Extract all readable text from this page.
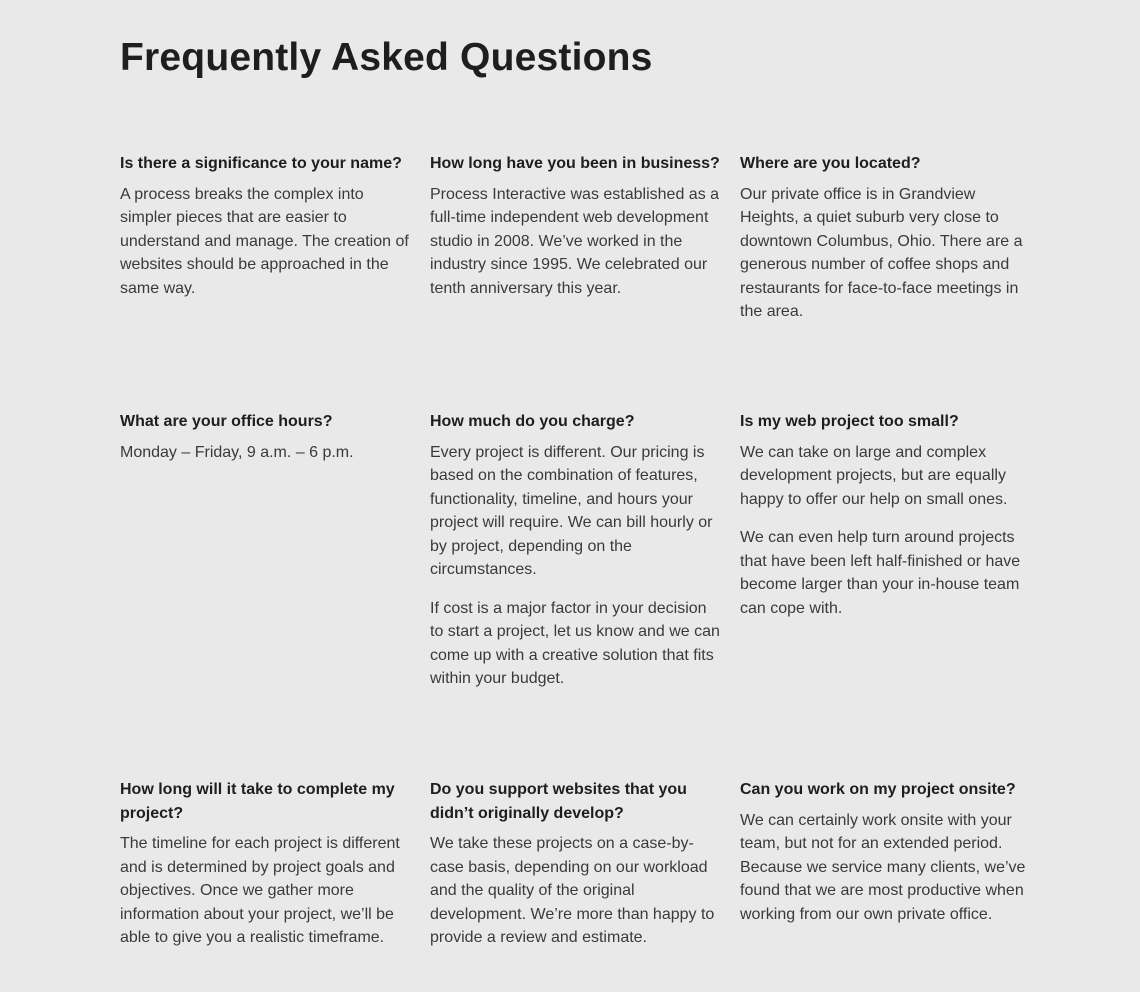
Frequently Asked Questions
Is there a significance to your name?

A process breaks the complex into simpler pieces that are easier to understand and manage. The creation of websites should be approached in the same way.

How long have you been in business?

Process Interactive was established as a full-time independent web development studio in 2008. We’ve worked in the industry since 1995. We celebrated our tenth anniversary this year.

Where are you located?

Our private office is in Grandview Heights, a quiet suburb very close to downtown Columbus, Ohio. There are a generous number of coffee shops and restaurants for face-to-face meetings in the area.

What are your office hours?

Monday – Friday, 9 a.m. – 6 p.m.

How much do you charge?

Every project is different. Our pricing is based on the combination of features, functionality, timeline, and hours your project will require. We can bill hourly or by project, depending on the circumstances.

If cost is a major factor in your decision to start a project, let us know and we can come up with a creative solution that fits within your budget.

Is my web project too small?

We can take on large and complex development projects, but are equally happy to offer our help on small ones.

We can even help turn around projects that have been left half-finished or have become larger than your in-house team can cope with.

How long will it take to complete my project?

The timeline for each project is different and is determined by project goals and objectives. Once we gather more information about your project, we’ll be able to give you a realistic timeframe.

Do you support websites that you didn’t originally develop?

We take these projects on a case-by-case basis, depending on our workload and the quality of the original development. We’re more than happy to provide a review and estimate.

Can you work on my project onsite?

We can certainly work onsite with your team, but not for an extended period. Because we service many clients, we’ve found that we are most productive when working from our own private office.
